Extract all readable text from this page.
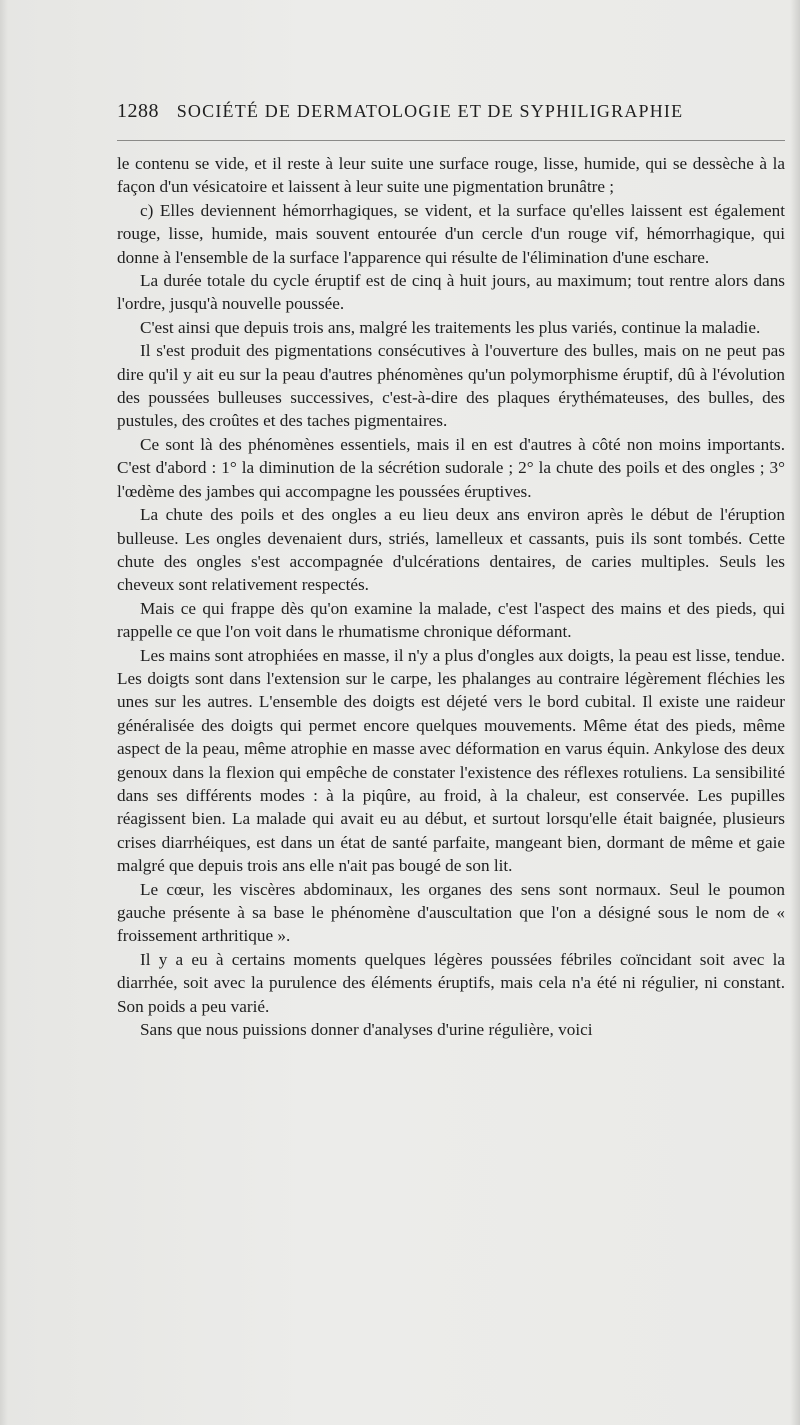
1288 SOCIÉTÉ DE DERMATOLOGIE ET DE SYPHILIGRAPHIE

le contenu se vide, et il reste à leur suite une surface rouge, lisse, humide, qui se dessèche à la façon d'un vésicatoire et laissent à leur suite une pigmentation brunâtre ;

c) Elles deviennent hémorrhagiques, se vident, et la surface qu'elles laissent est également rouge, lisse, humide, mais souvent entourée d'un cercle d'un rouge vif, hémorrhagique, qui donne à l'ensemble de la surface l'apparence qui résulte de l'élimination d'une eschare.

La durée totale du cycle éruptif est de cinq à huit jours, au maximum; tout rentre alors dans l'ordre, jusqu'à nouvelle poussée.

C'est ainsi que depuis trois ans, malgré les traitements les plus variés, continue la maladie.

Il s'est produit des pigmentations consécutives à l'ouverture des bulles, mais on ne peut pas dire qu'il y ait eu sur la peau d'autres phénomènes qu'un polymorphisme éruptif, dû à l'évolution des poussées bulleuses successives, c'est-à-dire des plaques érythémateuses, des bulles, des pustules, des croûtes et des taches pigmentaires.

Ce sont là des phénomènes essentiels, mais il en est d'autres à côté non moins importants. C'est d'abord : 1° la diminution de la sécrétion sudorale ; 2° la chute des poils et des ongles ; 3° l'œdème des jambes qui accompagne les poussées éruptives.

La chute des poils et des ongles a eu lieu deux ans environ après le début de l'éruption bulleuse. Les ongles devenaient durs, striés, lamelleux et cassants, puis ils sont tombés. Cette chute des ongles s'est accompagnée d'ulcérations dentaires, de caries multiples. Seuls les cheveux sont relativement respectés.

Mais ce qui frappe dès qu'on examine la malade, c'est l'aspect des mains et des pieds, qui rappelle ce que l'on voit dans le rhumatisme chronique déformant.

Les mains sont atrophiées en masse, il n'y a plus d'ongles aux doigts, la peau est lisse, tendue. Les doigts sont dans l'extension sur le carpe, les phalanges au contraire légèrement fléchies les unes sur les autres. L'ensemble des doigts est déjeté vers le bord cubital. Il existe une raideur généralisée des doigts qui permet encore quelques mouvements. Même état des pieds, même aspect de la peau, même atrophie en masse avec déformation en varus équin. Ankylose des deux genoux dans la flexion qui empêche de constater l'existence des réflexes rotuliens. La sensibilité dans ses différents modes : à la piqûre, au froid, à la chaleur, est conservée. Les pupilles réagissent bien. La malade qui avait eu au début, et surtout lorsqu'elle était baignée, plusieurs crises diarrhéiques, est dans un état de santé parfaite, mangeant bien, dormant de même et gaie malgré que depuis trois ans elle n'ait pas bougé de son lit.

Le cœur, les viscères abdominaux, les organes des sens sont normaux. Seul le poumon gauche présente à sa base le phénomène d'auscultation que l'on a désigné sous le nom de « froissement arthritique ».

Il y a eu à certains moments quelques légères poussées fébriles coïncidant soit avec la diarrhée, soit avec la purulence des éléments éruptifs, mais cela n'a été ni régulier, ni constant. Son poids a peu varié.

Sans que nous puissions donner d'analyses d'urine régulière, voici
